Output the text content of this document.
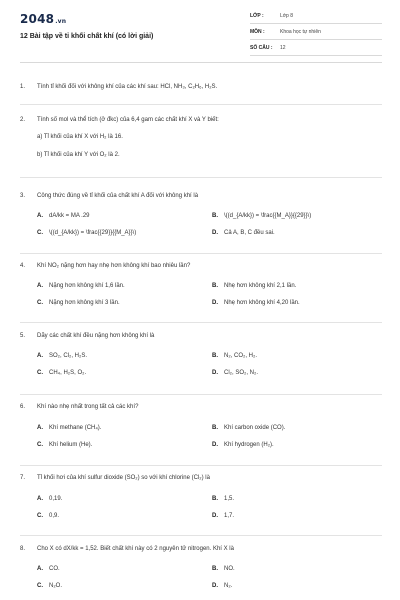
2048.vn
12 Bài tập về tỉ khối chất khí (có lời giải)
LỚP :	Lớp 8
MÔN :	Khoa học tự nhiên
SỐ CÂU :	12
1.	Tính tỉ khối đối với không khí của các khí sau: HCl, NH₃, C₂H₆, H₂S.
2.	Tính số mol và thể tích (ở đkc) của 6,4 gam các chất khí X và Y biết:
a) Tỉ khối của khí X với H₂ là 16.
b) Tỉ khối của khí Y với O₂ là 2.
3.	Công thức đúng về tỉ khối của chất khí A đối với không khí là
A. dA/kk = MA .29	B. \((d_{A/kk}) = \frac{{M_A}}{{29}}\)
C. \((d_{A/kk}) = \frac{{29}}{{M_A}}\)	D. Cả A, B, C đều sai.
4.	Khí NO₂ nặng hơn hay nhẹ hơn không khí bao nhiêu lần?
A. Nặng hơn không khí 1,6 lần.	B. Nhẹ hơn không khí 2,1 lần.
C. Nặng hơn không khí 3 lần.	D. Nhẹ hơn không khí 4,20 lần.
5.	Dãy các chất khí đều nặng hơn không khí là
A. SO₂, Cl₂, H₂S.	B. N₂, CO₂, H₂.
C. CH₄, H₂S, O₂.	D. Cl₂, SO₂, N₂.
6.	Khí nào nhẹ nhất trong tất cả các khí?
A. Khí methane (CH₄).	B. Khí carbon oxide (CO).
C. Khí helium (He).	D. Khí hydrogen (H₂).
7.	Tỉ khối hơi của khí sulfur dioxide (SO₂) so với khí chlorine (Cl₂) là
A. 0,19.	B. 1,5.
C. 0,9.	D. 1,7.
8.	Cho X có dX/kk = 1,52. Biết chất khí này có 2 nguyên tử nitrogen. Khí X là
A. CO.	B. NO.
C. N₂O.	D. N₂.
